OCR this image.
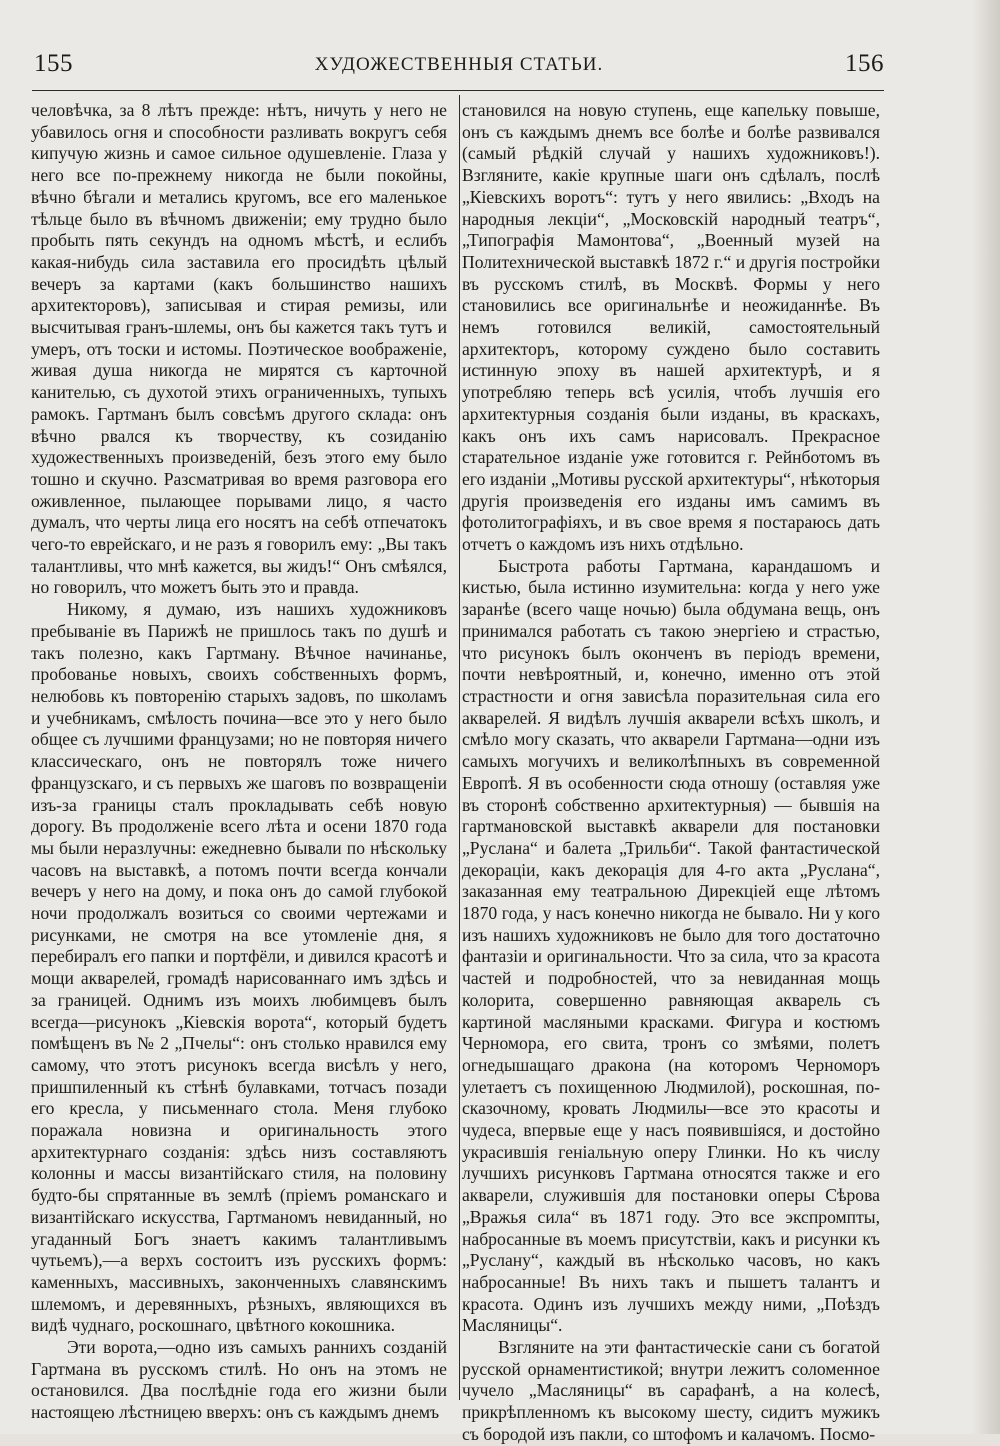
155	ХУДОЖЕСТВЕННЫЯ СТАТЬИ.	156

человѣчка, за 8 лѣтъ прежде: нѣтъ, ничуть у него не убавилось огня и способности разливать вокругъ себя кипучую жизнь и самое сильное одушевленіе. Глаза у него все по-прежнему никогда не были покойны, вѣчно бѣгали и метались кругомъ, все его маленькое тѣльце было въ вѣчномъ движеніи; ему трудно было пробыть пять секундъ на одномъ мѣстѣ, и еслибъ какая-нибудь сила заставила его просидѣть цѣлый вечеръ за картами (какъ большинство нашихъ архитекторовъ), записывая и стирая ремизы, или высчитывая гранъ-шлемы, онъ бы кажется такъ тутъ и умеръ, отъ тоски и истомы. Поэтическое воображеніе, живая душа никогда не мирятся съ карточной канителью, съ духотой этихъ ограниченныхъ, тупыхъ рамокъ. Гартманъ былъ совсѣмъ другого склада: онъ вѣчно рвался къ творчеству, къ созиданію художественныхъ произведеній, безъ этого ему было тошно и скучно. Разсматривая во время разговора его оживленное, пылающее порывами лицо, я часто думалъ, что черты лица его носятъ на себѣ отпечатокъ чего-то еврейскаго, и не разъ я говорилъ ему: „Вы такъ талантливы, что мнѣ кажется, вы жидъ!“ Онъ смѣялся, но говорилъ, что можетъ быть это и правда.

Никому, я думаю, изъ нашихъ художниковъ пребываніе въ Парижѣ не пришлось такъ по душѣ и такъ полезно, какъ Гартману. Вѣчное начинанье, пробованье новыхъ, своихъ собственныхъ формъ, нелюбовь къ повторенію старыхъ задовъ, по школамъ и учебникамъ, смѣлость почина—все это у него было общее съ лучшими французами; но не повторяя ничего классическаго, онъ не повторялъ тоже ничего французскаго, и съ первыхъ же шаговъ по возвращеніи изъ-за границы сталъ прокладывать себѣ новую дорогу. Въ продолженіе всего лѣта и осени 1870 года мы были неразлучны: ежедневно бывали по нѣскольку часовъ на выставкѣ, а потомъ почти всегда кончали вечеръ у него на дому, и пока онъ до самой глубокой ночи продолжалъ возиться со своими чертежами и рисунками, не смотря на все утомленіе дня, я перебиралъ его папки и портфёли, и дивился красотѣ и мощи акварелей, громадѣ нарисованнаго имъ здѣсь и за границей. Однимъ изъ моихъ любимцевъ былъ всегда—рисунокъ „Кіевскія ворота“, который будетъ помѣщенъ въ № 2 „Пчелы“: онъ столько нравился ему самому, что этотъ рисунокъ всегда висѣлъ у него, пришпиленный къ стѣнѣ булавками, тотчасъ позади его кресла, у письменнаго стола. Меня глубоко поражала новизна и оригинальность этого архитектурнаго созданія: здѣсь низъ составляютъ колонны и массы византійскаго стиля, на половину будто-бы спрятанные въ землѣ (пріемъ романскаго и византійскаго искусства, Гартманомъ невиданный, но угаданный Богъ знаетъ какимъ талантливымъ чутьемъ),—а верхъ состоитъ изъ русскихъ формъ: каменныхъ, массивныхъ, законченныхъ славянскимъ шлемомъ, и деревянныхъ, рѣзныхъ, являющихся въ видѣ чуднаго, роскошнаго, цвѣтного кокошника.

Эти ворота,—одно изъ самыхъ раннихъ созданій Гартмана въ русскомъ стилѣ. Но онъ на этомъ не остановился. Два послѣдніе года его жизни были настоящею лѣстницею вверхъ: онъ съ каждымъ днемъ

становился на новую ступень, еще капельку повыше, онъ съ каждымъ днемъ все болѣе и болѣе развивался (самый рѣдкій случай у нашихъ художниковъ!). Взгляните, какіе крупные шаги онъ сдѣлалъ, послѣ „Кіевскихъ воротъ“: тутъ у него явились: „Входъ на народныя лекціи“, „Московскій народный театръ“, „Типографія Мамонтова“, „Военный музей на Политехнической выставкѣ 1872 г.“ и другія постройки въ русскомъ стилѣ, въ Москвѣ. Формы у него становились все оригинальнѣе и неожиданнѣе. Въ немъ готовился великій, самостоятельный архитекторъ, которому суждено было составить истинную эпоху въ нашей архитектурѣ, и я употребляю теперь всѣ усилія, чтобъ лучшія его архитектурныя созданія были изданы, въ краскахъ, какъ онъ ихъ самъ нарисовалъ. Прекрасное старательное изданіе уже готовится г. Рейнботомъ въ его изданіи „Мотивы русской архитектуры“, нѣкоторыя другія произведенія его изданы имъ самимъ въ фотолитографіяхъ, и въ свое время я постараюсь дать отчетъ о каждомъ изъ нихъ отдѣльно.

Быстрота работы Гартмана, карандашомъ и кистью, была истинно изумительна: когда у него уже заранѣе (всего чаще ночью) была обдумана вещь, онъ принимался работать съ такою энергіею и страстью, что рисунокъ былъ оконченъ въ періодъ времени, почти невѣроятный, и, конечно, именно отъ этой страстности и огня зависѣла поразительная сила его акварелей. Я видѣлъ лучшія акварели всѣхъ школъ, и смѣло могу сказать, что акварели Гартмана—одни изъ самыхъ могучихъ и великолѣпныхъ въ современной Европѣ. Я въ особенности сюда отношу (оставляя уже въ сторонѣ собственно архитектурныя) — бывшія на гартмановской выставкѣ акварели для постановки „Руслана“ и балета „Трильби“. Такой фантастической декораціи, какъ декорація для 4-го акта „Руслана“, заказанная ему театральною Дирекціей еще лѣтомъ 1870 года, у насъ конечно никогда не бывало. Ни у кого изъ нашихъ художниковъ не было для того достаточно фантазіи и оригинальности. Что за сила, что за красота частей и подробностей, что за невиданная мощь колорита, совершенно равняющая акварель съ картиной масляными красками. Фигура и костюмъ Черномора, его свита, тронъ со змѣями, полетъ огнедышащаго дракона (на которомъ Черноморъ улетаетъ съ похищенною Людмилой), роскошная, по-сказочному, кровать Людмилы—все это красоты и чудеса, впервые еще у насъ появившіяся, и достойно украсившія геніальную оперу Глинки. Но къ числу лучшихъ рисунковъ Гартмана относятся также и его акварели, служившія для постановки оперы Сѣрова „Вражья сила“ въ 1871 году. Это все экспромпты, набросанные въ моемъ присутствіи, какъ и рисунки къ „Руслану“, каждый въ нѣсколько часовъ, но какъ набросанные! Въ нихъ такъ и пышетъ талантъ и красота. Одинъ изъ лучшихъ между ними, „Поѣздъ Масляницы“.

Взгляните на эти фантастическіе сани съ богатой русской орнаментистикой; внутри лежитъ соломенное чучело „Масляницы“ въ сарафанѣ, а на колесѣ, прикрѣпленномъ къ высокому шесту, сидитъ мужикъ съ бородой изъ пакли, со штофомъ и калачомъ. Посмо-
